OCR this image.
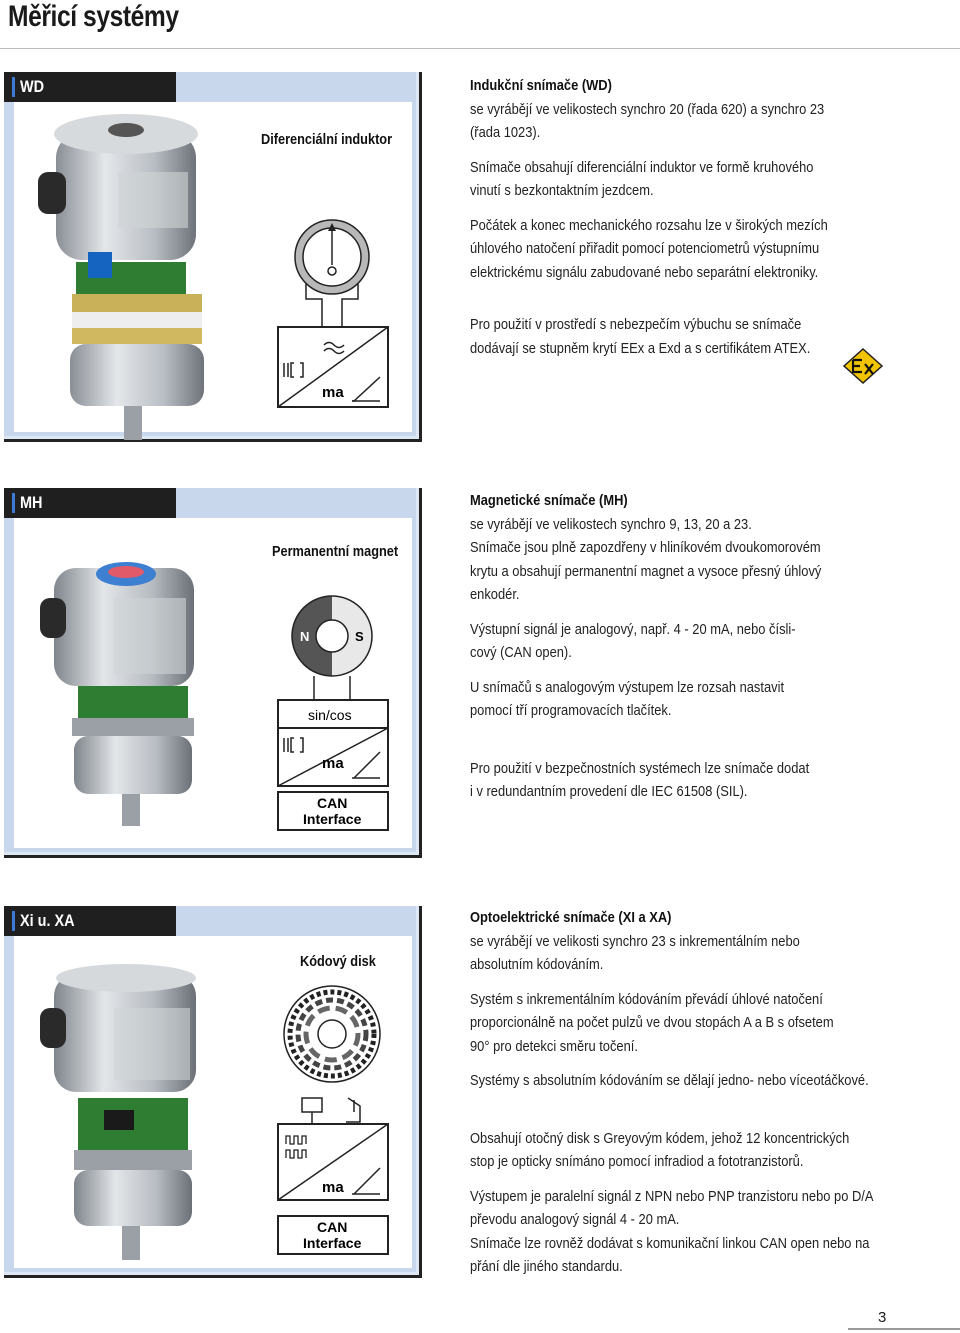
Měřicí systémy
WD
Diferenciální induktor
ma

Indukční snímače (WD)

se vyrábějí ve velikostech synchro 20 (řada 620) a synchro 23

(řada 1023).

Snímače obsahují diferenciální induktor ve formě kruhového

vinutí s bezkontaktním jezdcem.

Počátek a konec mechanického rozsahu lze v širokých mezích

úhlového natočení přiřadit pomocí potenciometrů výstupnímu

elektrickému signálu zabudované nebo separátní elektroniky.

Pro použití v prostředí s nebezpečím výbuchu se snímače

dodávají se stupněm krytí EEx a Exd a s certifikátem ATEX.

MH
Permanentní magnet
N	S
sin/cos
ma
CAN
Interface

Magnetické snímače (MH)

se vyrábějí ve velikostech synchro 9, 13, 20 a 23.

Snímače jsou plně zapozdřeny v hliníkovém dvoukomorovém

krytu a obsahují permanentní magnet a vysoce přesný úhlový

enkodér.

Výstupní signál je analogový, např. 4 - 20 mA, nebo čísli-

cový (CAN open).

U snímačů s analogovým výstupem lze rozsah nastavit

pomocí tří programovacích tlačítek.

Pro použití v bezpečnostních systémech lze snímače dodat

i v redundantním provedení dle IEC 61508 (SIL).

Xi u. XA
Kódový disk
ma
CAN
Interface

Optoelektrické snímače (XI a XA)

se vyrábějí ve velikosti synchro 23 s inkrementálním nebo

absolutním kódováním.

Systém s inkrementálním kódováním převádí úhlové natočení

proporcionálně na počet pulzů ve dvou stopách A a B s ofsetem

90° pro detekci směru točení.

Systémy s absolutním kódováním se dělají jedno- nebo víceotáčkové.

Obsahují otočný disk s Greyovým kódem, jehož 12 koncentrických

stop je opticky snímáno pomocí infradiod a fototranzistorů.

Výstupem je paralelní signál z NPN nebo PNP tranzistoru nebo po D/A

převodu analogový signál 4 - 20 mA.

Snímače lze rovněž dodávat s komunikační linkou CAN open nebo na

přání dle jiného standardu.

3
